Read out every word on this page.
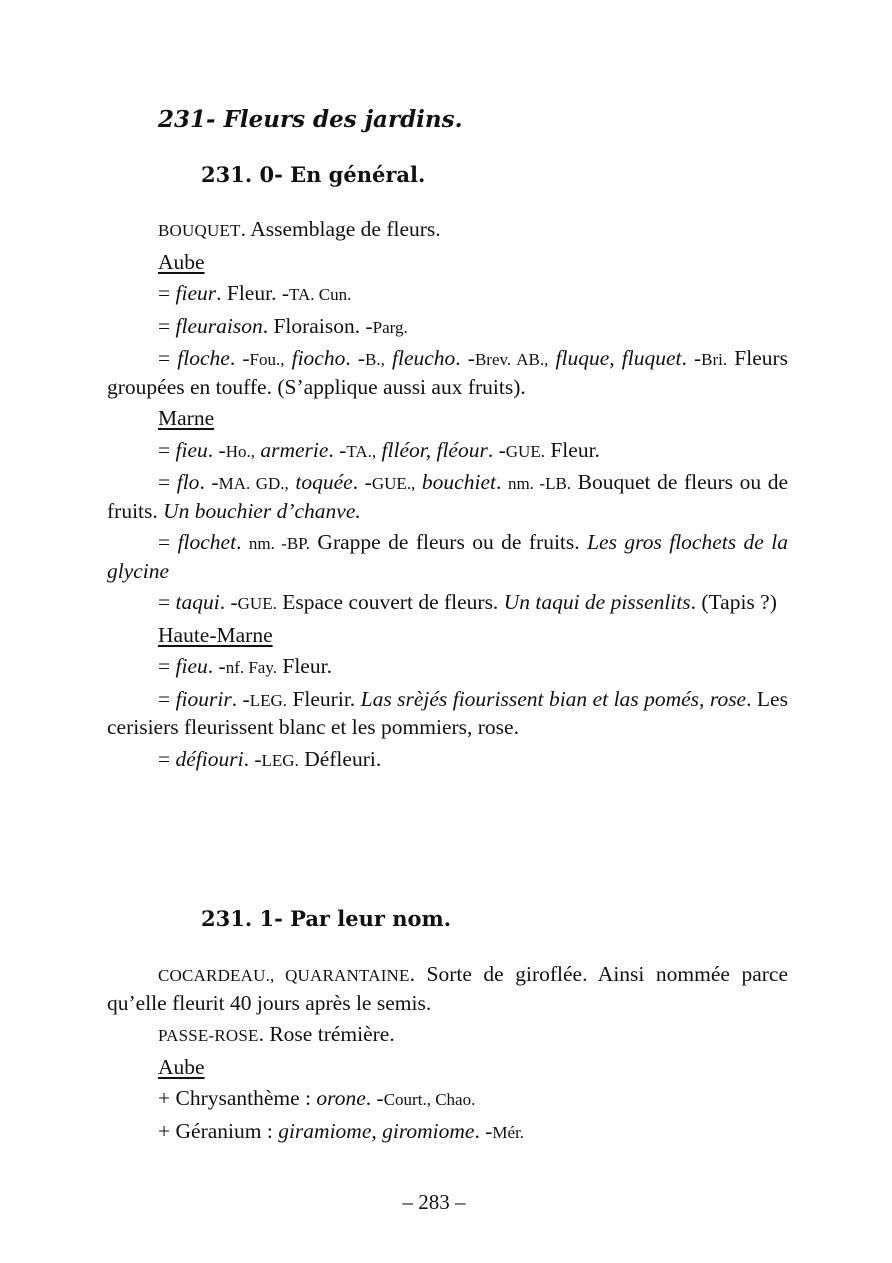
231- Fleurs des jardins.
231. 0- En général.

BOUQUET. Assemblage de fleurs.

Aube

= fieur. Fleur. -TA. Cun.

= fleuraison. Floraison. -Parg.

= floche. -Fou., fiocho. -B., fleucho. -Brev. AB., fluque, fluquet. -Bri. Fleurs groupées en touffe. (S’applique aussi aux fruits).

Marne

= fieu. -Ho., armerie. -TA., flléor, fléour. -GUE. Fleur.

= flo. -MA. GD., toquée. -GUE., bouchiet. nm. -LB. Bouquet de fleurs ou de fruits. Un bouchier d’chanve.

= flochet. nm. -BP. Grappe de fleurs ou de fruits. Les gros flochets de la glycine

= taqui. -GUE. Espace couvert de fleurs. Un taqui de pissenlits. (Tapis ?)

Haute-Marne

= fieu. -nf. Fay. Fleur.

= fiourir. -LEG. Fleurir. Las srèjés fiourissent bian et las pomés, rose. Les cerisiers fleurissent blanc et les pommiers, rose.

= défiouri. -LEG. Défleuri.

231. 1- Par leur nom.

COCARDEAU., QUARANTAINE. Sorte de giroflée. Ainsi nommée parce qu’elle fleurit 40 jours après le semis.

PASSE-ROSE. Rose trémière.

Aube

+ Chrysanthème : orone. -Court., Chao.

+ Géranium : giramiome, giromiome. -Mér.

– 283 –
